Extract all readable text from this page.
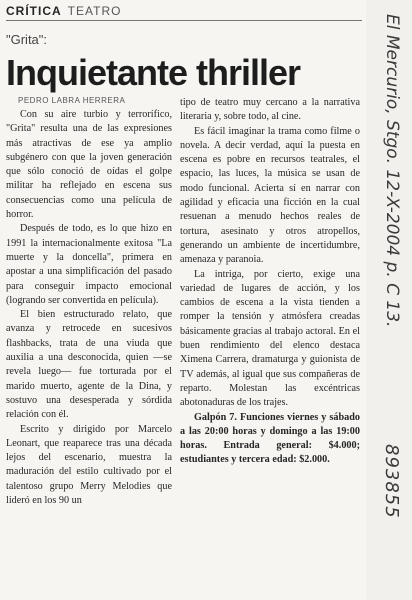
CRÍTICA TEATRO
"Grita":
Inquietante thriller
PEDRO LABRA HERRERA

Con su aire turbio y terrorífico, "Grita" resulta una de las expresiones más atractivas de ese ya amplio subgénero con que la joven generación que sólo conoció de oídas el golpe militar ha reflejado en escena sus consecuencias como una película de horror.

Después de todo, es lo que hizo en 1991 la internacionalmente exitosa "La muerte y la doncella", primera en apostar a una simplificación del pasado para conseguir impacto emocional (logrando ser convertida en película).

El bien estructurado relato, que avanza y retrocede en sucesivos flashbacks, trata de una viuda que auxilia a una desconocida, quien —se revela luego— fue torturada por el marido muerto, agente de la Dina, y sostuvo una desesperada y sórdida relación con él.

Escrito y dirigido por Marcelo Leonart, que reaparece tras una década lejos del escenario, muestra la maduración del estilo cultivado por el talentoso grupo Merry Melodies que lideró en los 90 un

tipo de teatro muy cercano a la narrativa literaria y, sobre todo, al cine.

Es fácil imaginar la trama como filme o novela. A decir verdad, aquí la puesta en escena es pobre en recursos teatrales, el espacio, las luces, la música se usan de modo funcional. Acierta sí en narrar con agilidad y eficacia una ficción en la cual resuenan a menudo hechos reales de tortura, asesinato y otros atropellos, generando un ambiente de incertidumbre, amenaza y paranoia.

La intriga, por cierto, exige una variedad de lugares de acción, y los cambios de escena a la vista tienden a romper la tensión y atmósfera creadas básicamente gracias al trabajo actoral. En el buen rendimiento del elenco destaca Ximena Carrera, dramaturga y guionista de TV además, al igual que sus compañeras de reparto. Molestan las excéntricas abotonaduras de los trajes.

Galpón 7. Funciones viernes y sábado a las 20:00 horas y domingo a las 19:00 horas. Entrada general: $4.000; estudiantes y tercera edad: $2.000.

El Mercurio, Stgo. 12-X-2004 p. C 13.
893855
